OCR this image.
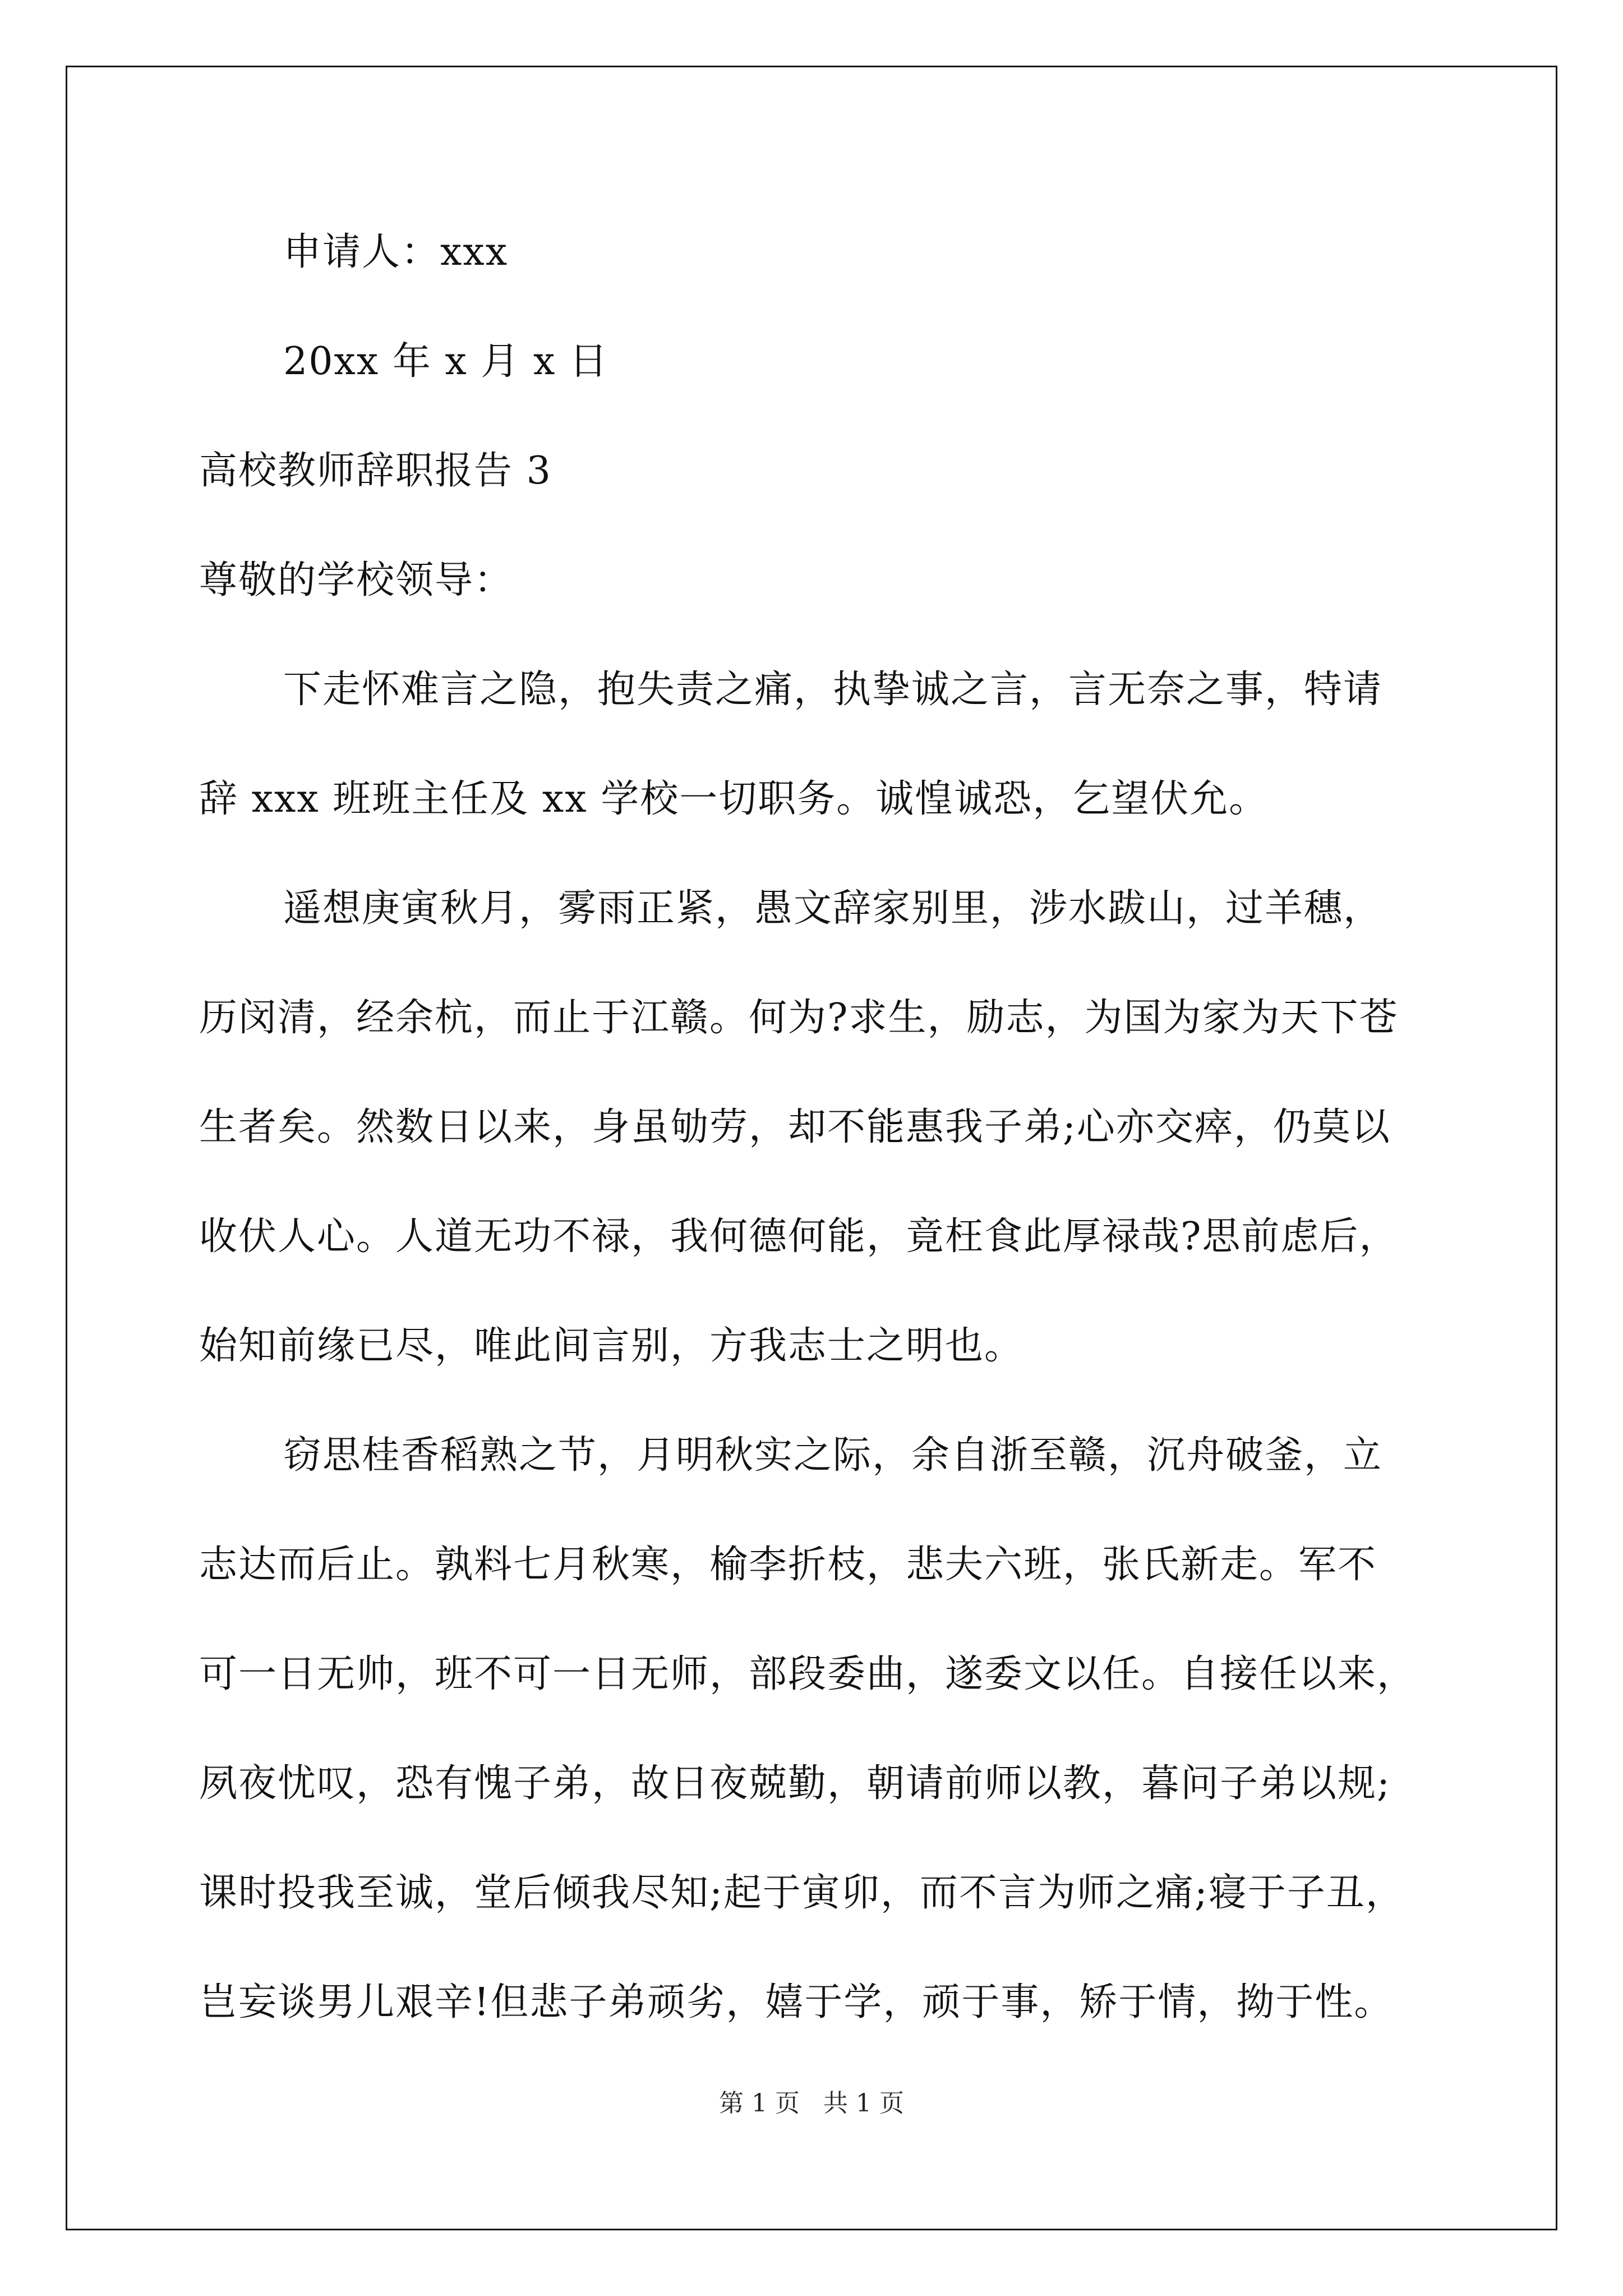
申请人：xxx
20xx 年 x 月 x 日
高校教师辞职报告 3
尊敬的学校领导：
下走怀难言之隐，抱失责之痛，执挚诚之言，言无奈之事，特请
辞 xxx 班班主任及 xx 学校一切职务。诚惶诚恐，乞望伏允。
遥想庚寅秋月，雾雨正紧，愚文辞家别里，涉水跋山，过羊穗，
历闵清，经余杭，而止于江赣。何为?求生，励志，为国为家为天下苍
生者矣。然数日以来，身虽劬劳，却不能惠我子弟;心亦交瘁，仍莫以
收伏人心。人道无功不禄，我何德何能，竟枉食此厚禄哉?思前虑后，
始知前缘已尽，唯此间言别，方我志士之明也。
窃思桂香稻熟之节，月明秋实之际，余自浙至赣，沉舟破釜，立
志达而后止。孰料七月秋寒，榆李折枝，悲夫六班，张氏新走。军不
可一日无帅，班不可一日无师，部段委曲，遂委文以任。自接任以来，
夙夜忧叹，恐有愧子弟，故日夜兢勤，朝请前师以教，暮问子弟以规;
课时投我至诚，堂后倾我尽知;起于寅卯，而不言为师之痛;寝于子丑，
岂妄谈男儿艰辛!但悲子弟顽劣，嬉于学，顽于事，矫于情，拗于性。
第 1 页   共 1 页
